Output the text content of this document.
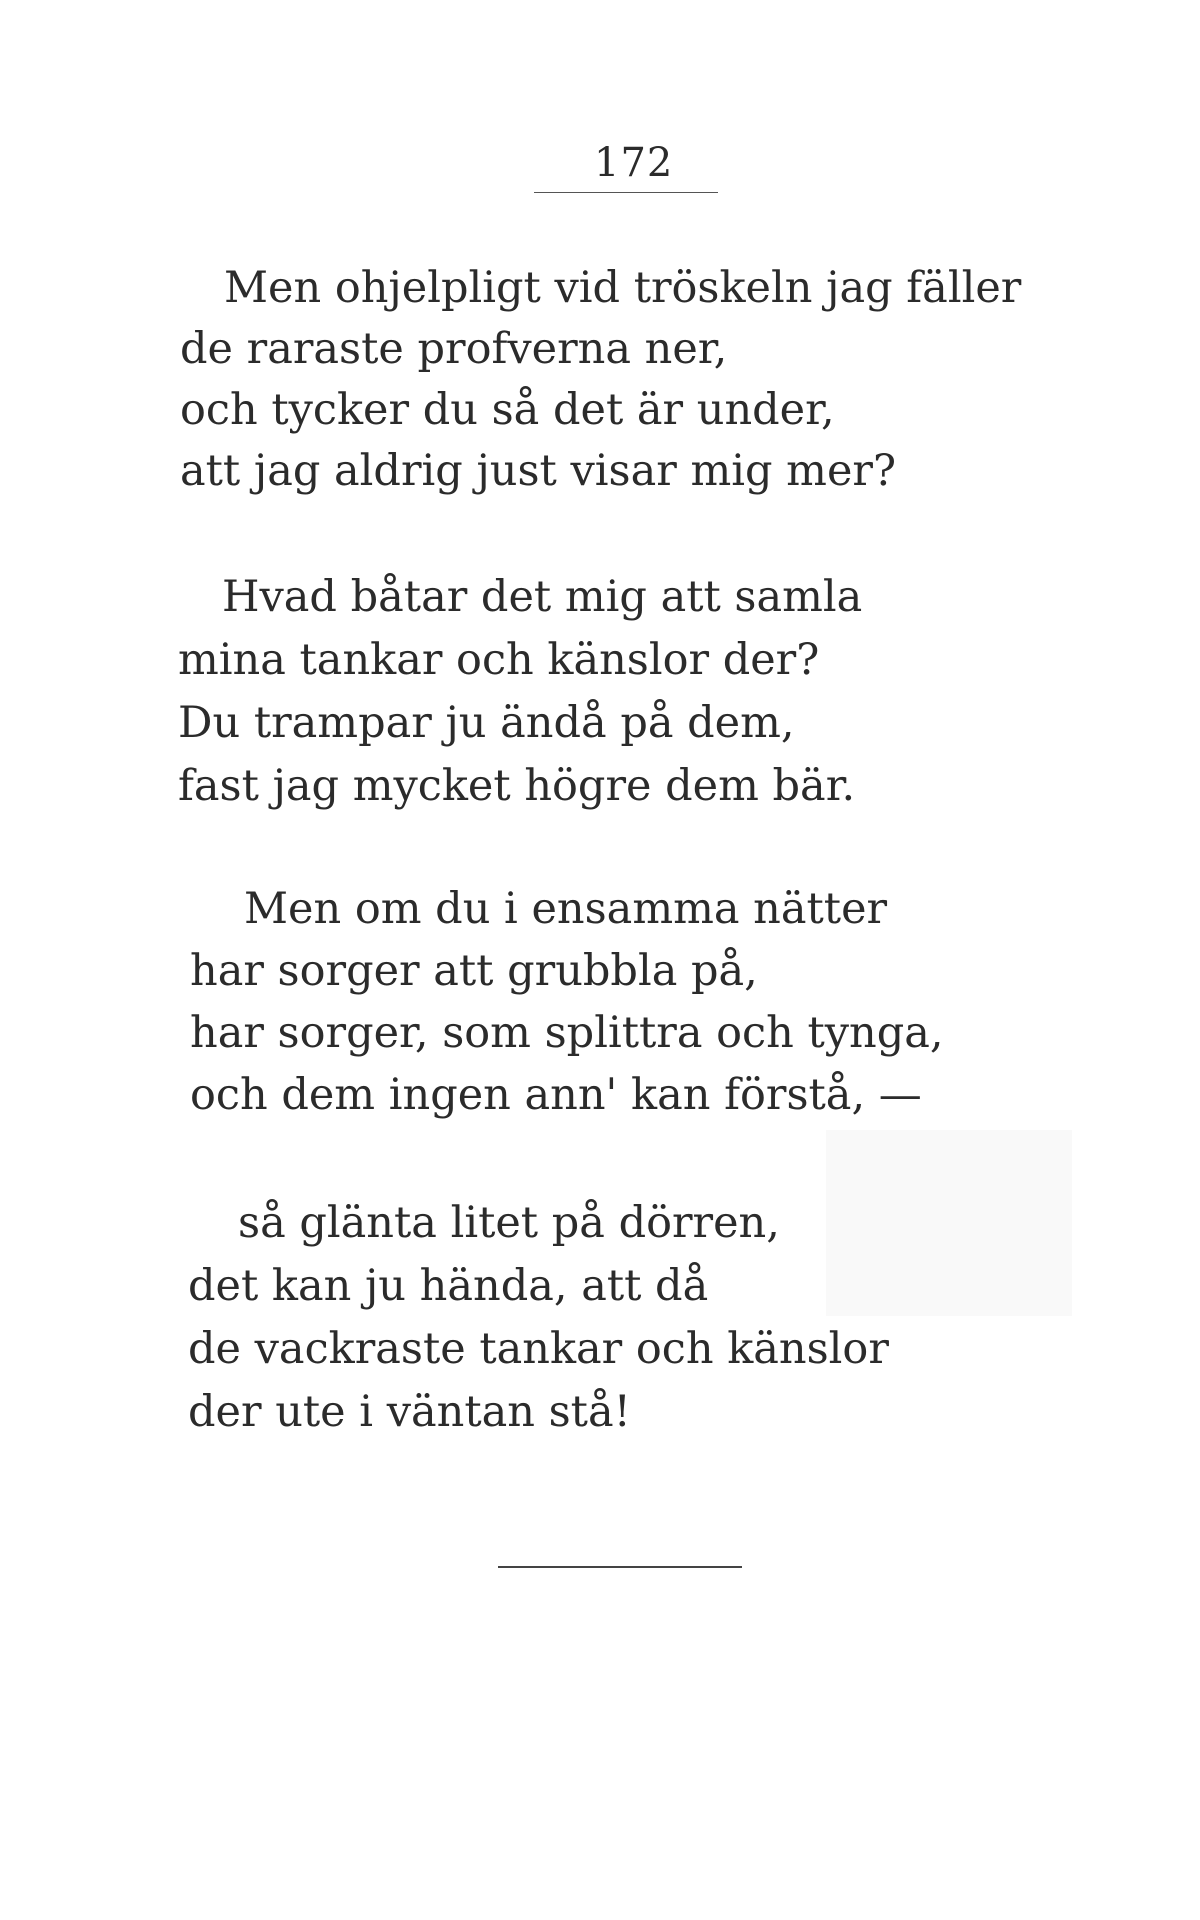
172
Men ohjelpligt vid tröskeln jag fäller
de raraste profverna ner,
och tycker du så det är under,
att jag aldrig just visar mig mer?
Hvad båtar det mig att samla
mina tankar och känslor der?
Du trampar ju ändå på dem,
fast jag mycket högre dem bär.
Men om du i ensamma nätter
har sorger att grubbla på,
har sorger, som splittra och tynga,
och dem ingen ann' kan förstå, —
så glänta litet på dörren,
det kan ju hända, att då
de vackraste tankar och känslor
der ute i väntan stå!
